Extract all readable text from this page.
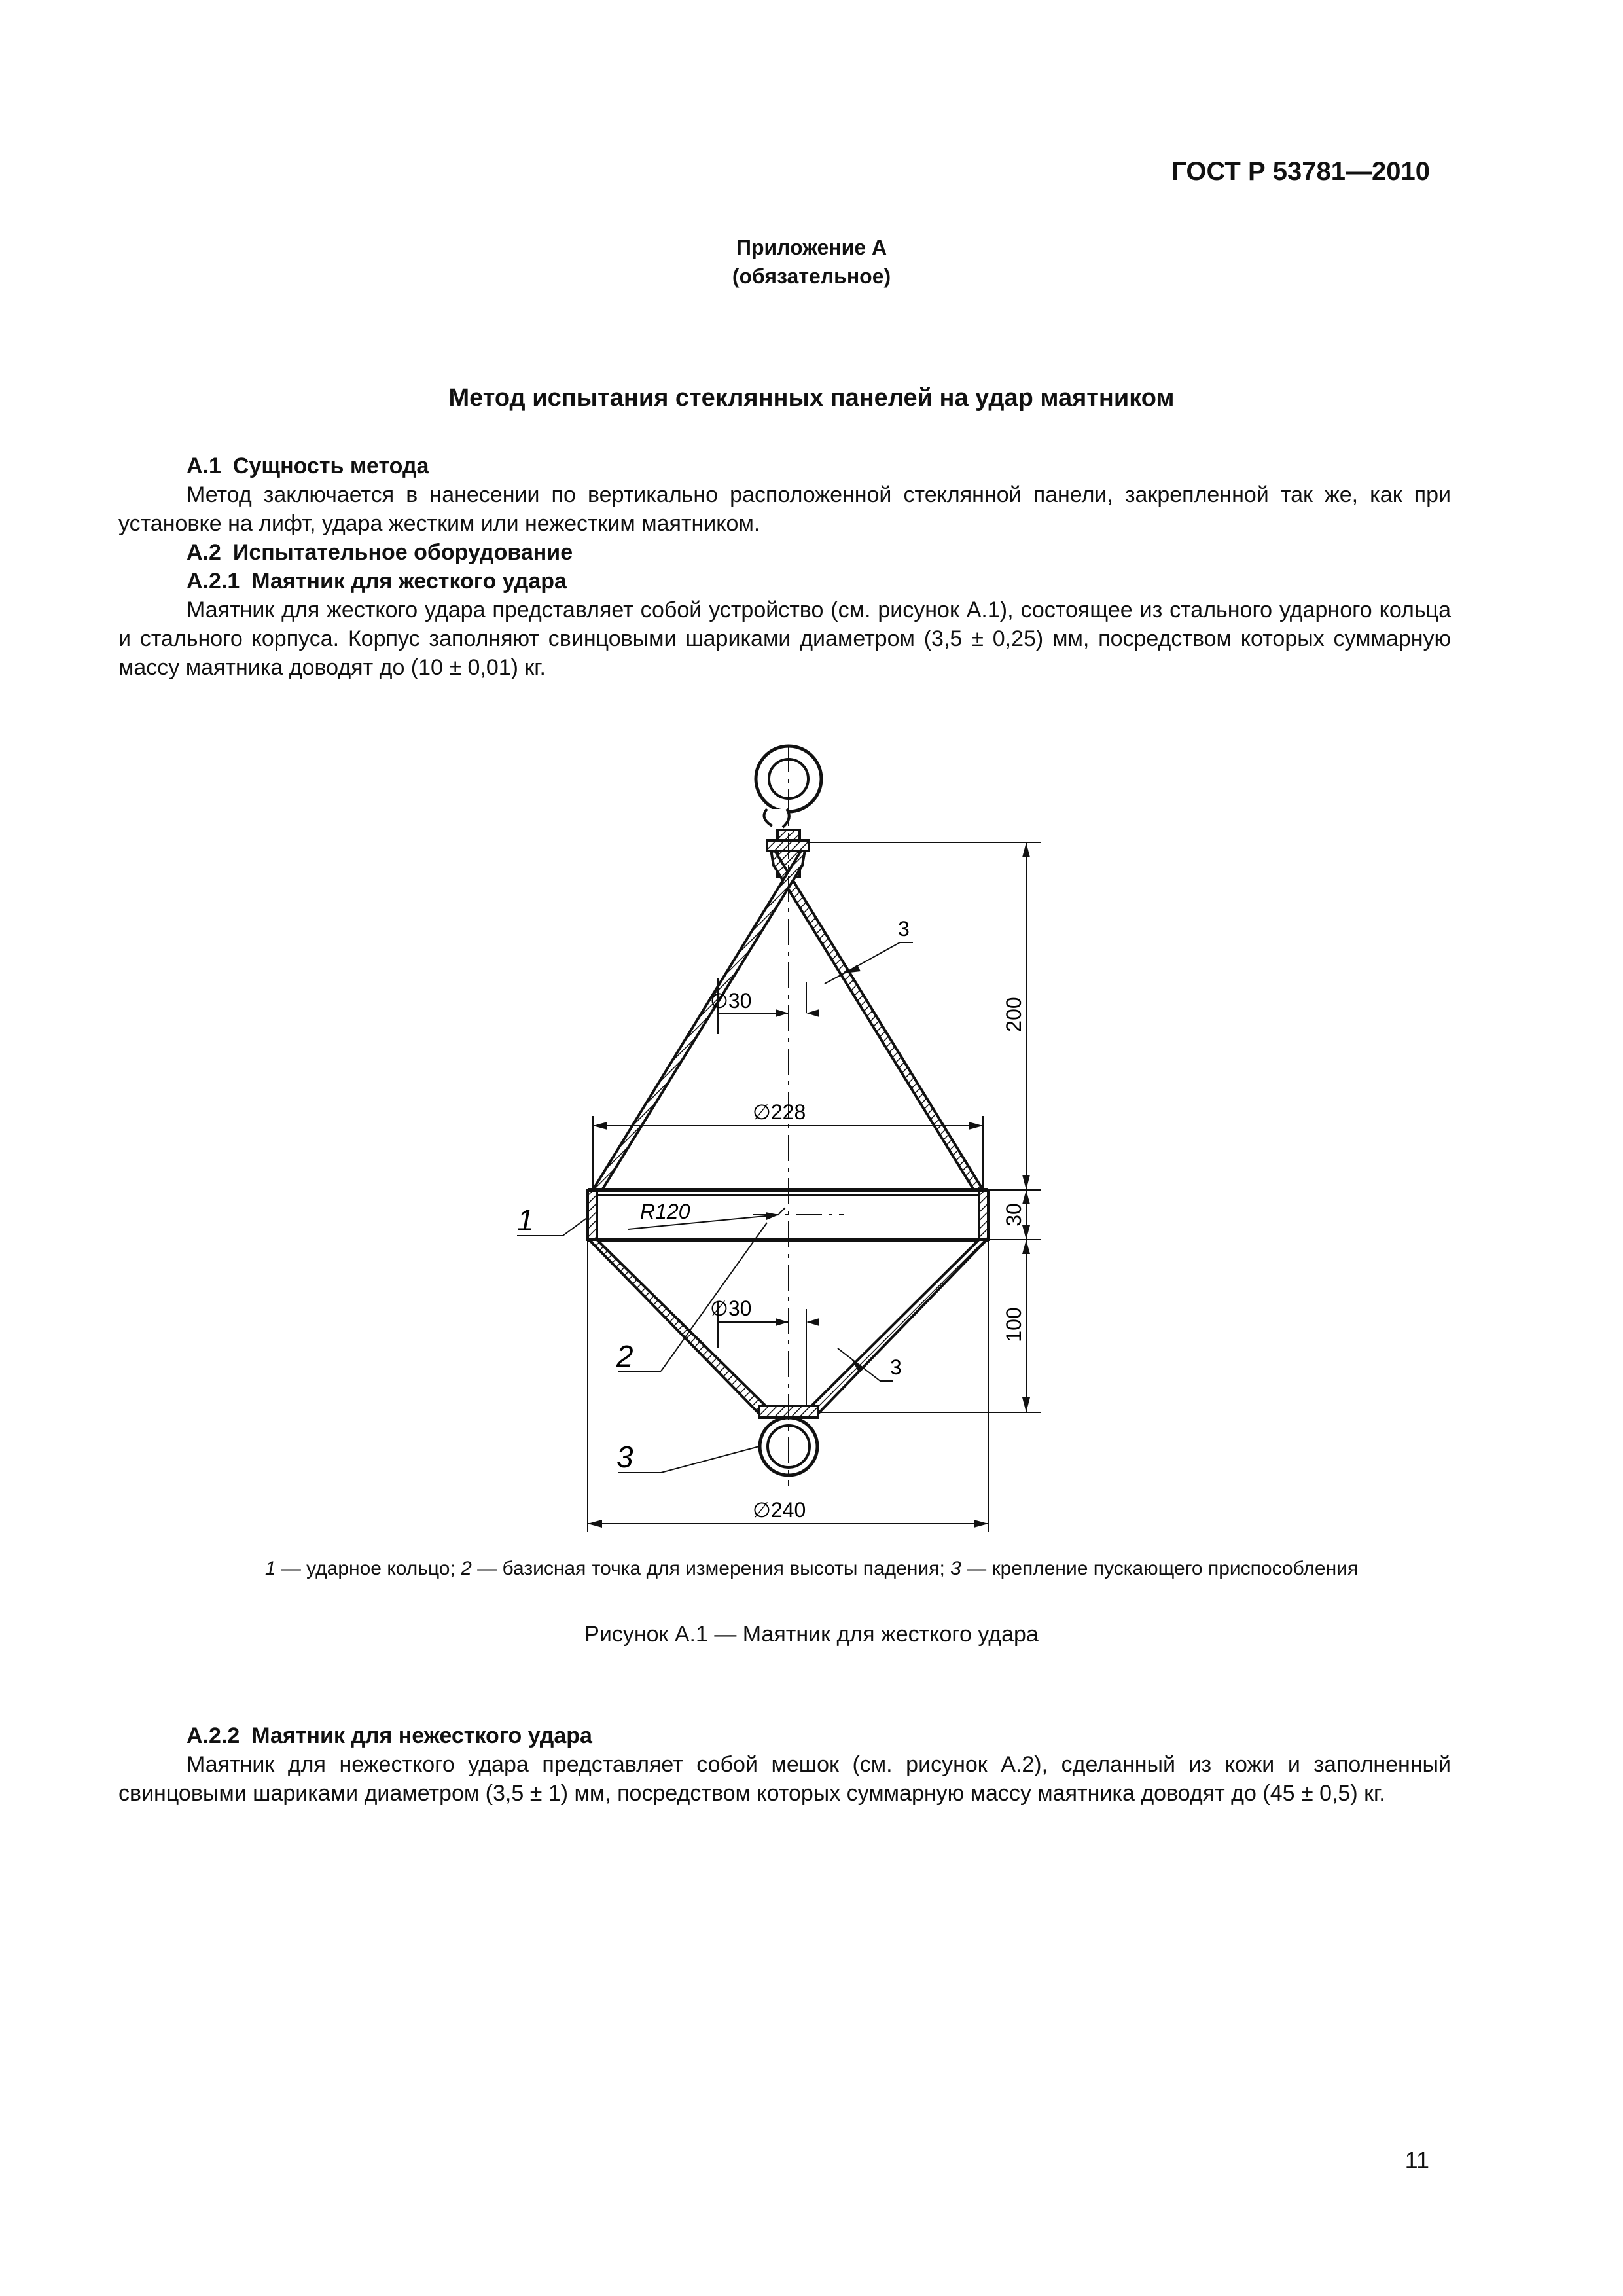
ГОСТ Р 53781—2010
Приложение А
(обязательное)
Метод испытания стеклянных панелей на удар маятником
А.1 Сущность метода
Метод заключается в нанесении по вертикально расположенной стеклянной панели, закрепленной так же, как при установке на лифт, удара жестким или нежестким маятником.
А.2 Испытательное оборудование
А.2.1 Маятник для жесткого удара
Маятник для жесткого удара представляет собой устройство (см. рисунок А.1), состоящее из стального ударного кольца и стального корпуса. Корпус заполняют свинцовыми шариками диаметром (3,5 ± 0,25) мм, посредством которых суммарную массу маятника доводят до (10 ± 0,01) кг.
3
∅30	200
∅228
R120	30
∅30	100
3
∅240
1
2
3
1 — ударное кольцо; 2 — базисная точка для измерения высоты падения; 3 — крепление пускающего приспособления
Рисунок А.1 — Маятник для жесткого удара
А.2.2 Маятник для нежесткого удара
Маятник для нежесткого удара представляет собой мешок (см. рисунок А.2), сделанный из кожи и заполненный свинцовыми шариками диаметром (3,5 ± 1) мм, посредством которых суммарную массу маятника доводят до (45 ± 0,5) кг.
11
